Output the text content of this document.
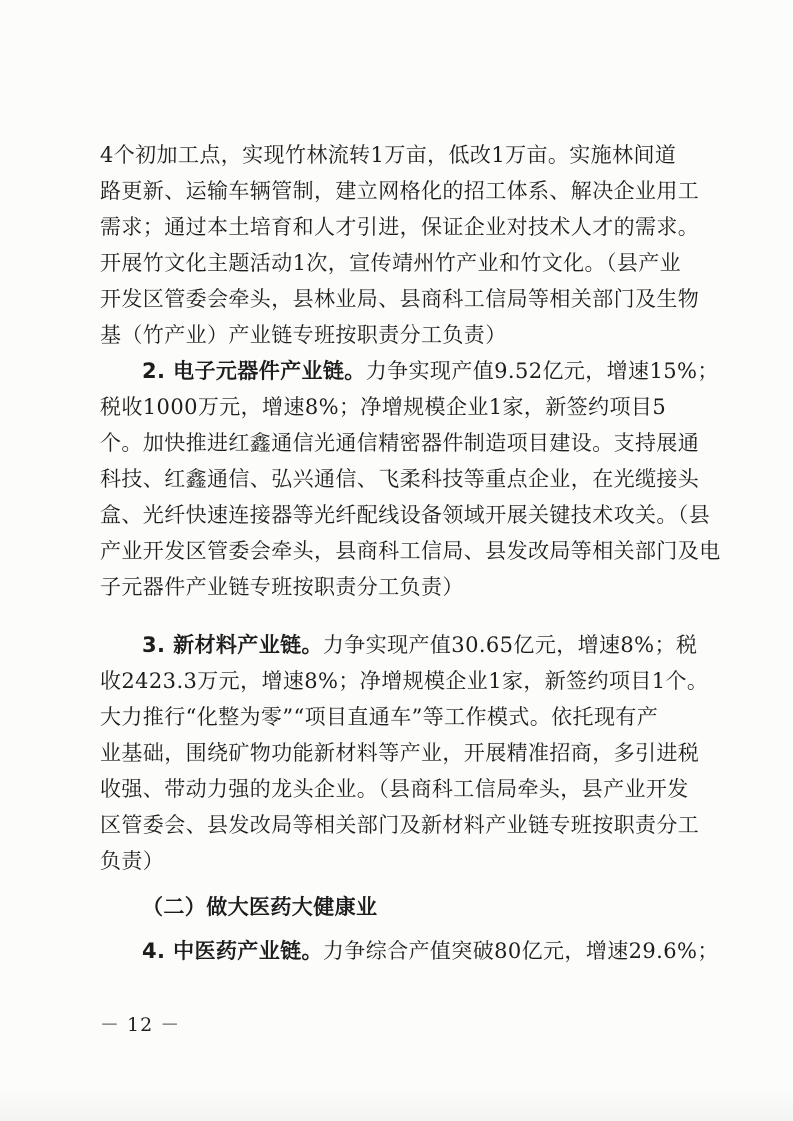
4个初加工点，实现竹林流转1万亩，低改1万亩。实施林间道
路更新、运输车辆管制，建立网格化的招工体系、解决企业用工
需求；通过本土培育和人才引进，保证企业对技术人才的需求。
开展竹文化主题活动1次，宣传靖州竹产业和竹文化。（县产业
开发区管委会牵头，县林业局、县商科工信局等相关部门及生物
基（竹产业）产业链专班按职责分工负责）
2. 电子元器件产业链。力争实现产值9.52亿元，增速15%；
税收1000万元，增速8%；净增规模企业1家，新签约项目5
个。加快推进红鑫通信光通信精密器件制造项目建设。支持展通
科技、红鑫通信、弘兴通信、飞柔科技等重点企业，在光缆接头
盒、光纤快速连接器等光纤配线设备领域开展关键技术攻关。（县
产业开发区管委会牵头，县商科工信局、县发改局等相关部门及电
子元器件产业链专班按职责分工负责）
3. 新材料产业链。力争实现产值30.65亿元，增速8%；税
收2423.3万元，增速8%；净增规模企业1家，新签约项目1个。
大力推行“化整为零”“项目直通车”等工作模式。依托现有产
业基础，围绕矿物功能新材料等产业，开展精准招商，多引进税
收强、带动力强的龙头企业。（县商科工信局牵头，县产业开发
区管委会、县发改局等相关部门及新材料产业链专班按职责分工
负责）
（二）做大医药大健康业
4. 中医药产业链。力争综合产值突破80亿元，增速29.6%；
－ 12 －
